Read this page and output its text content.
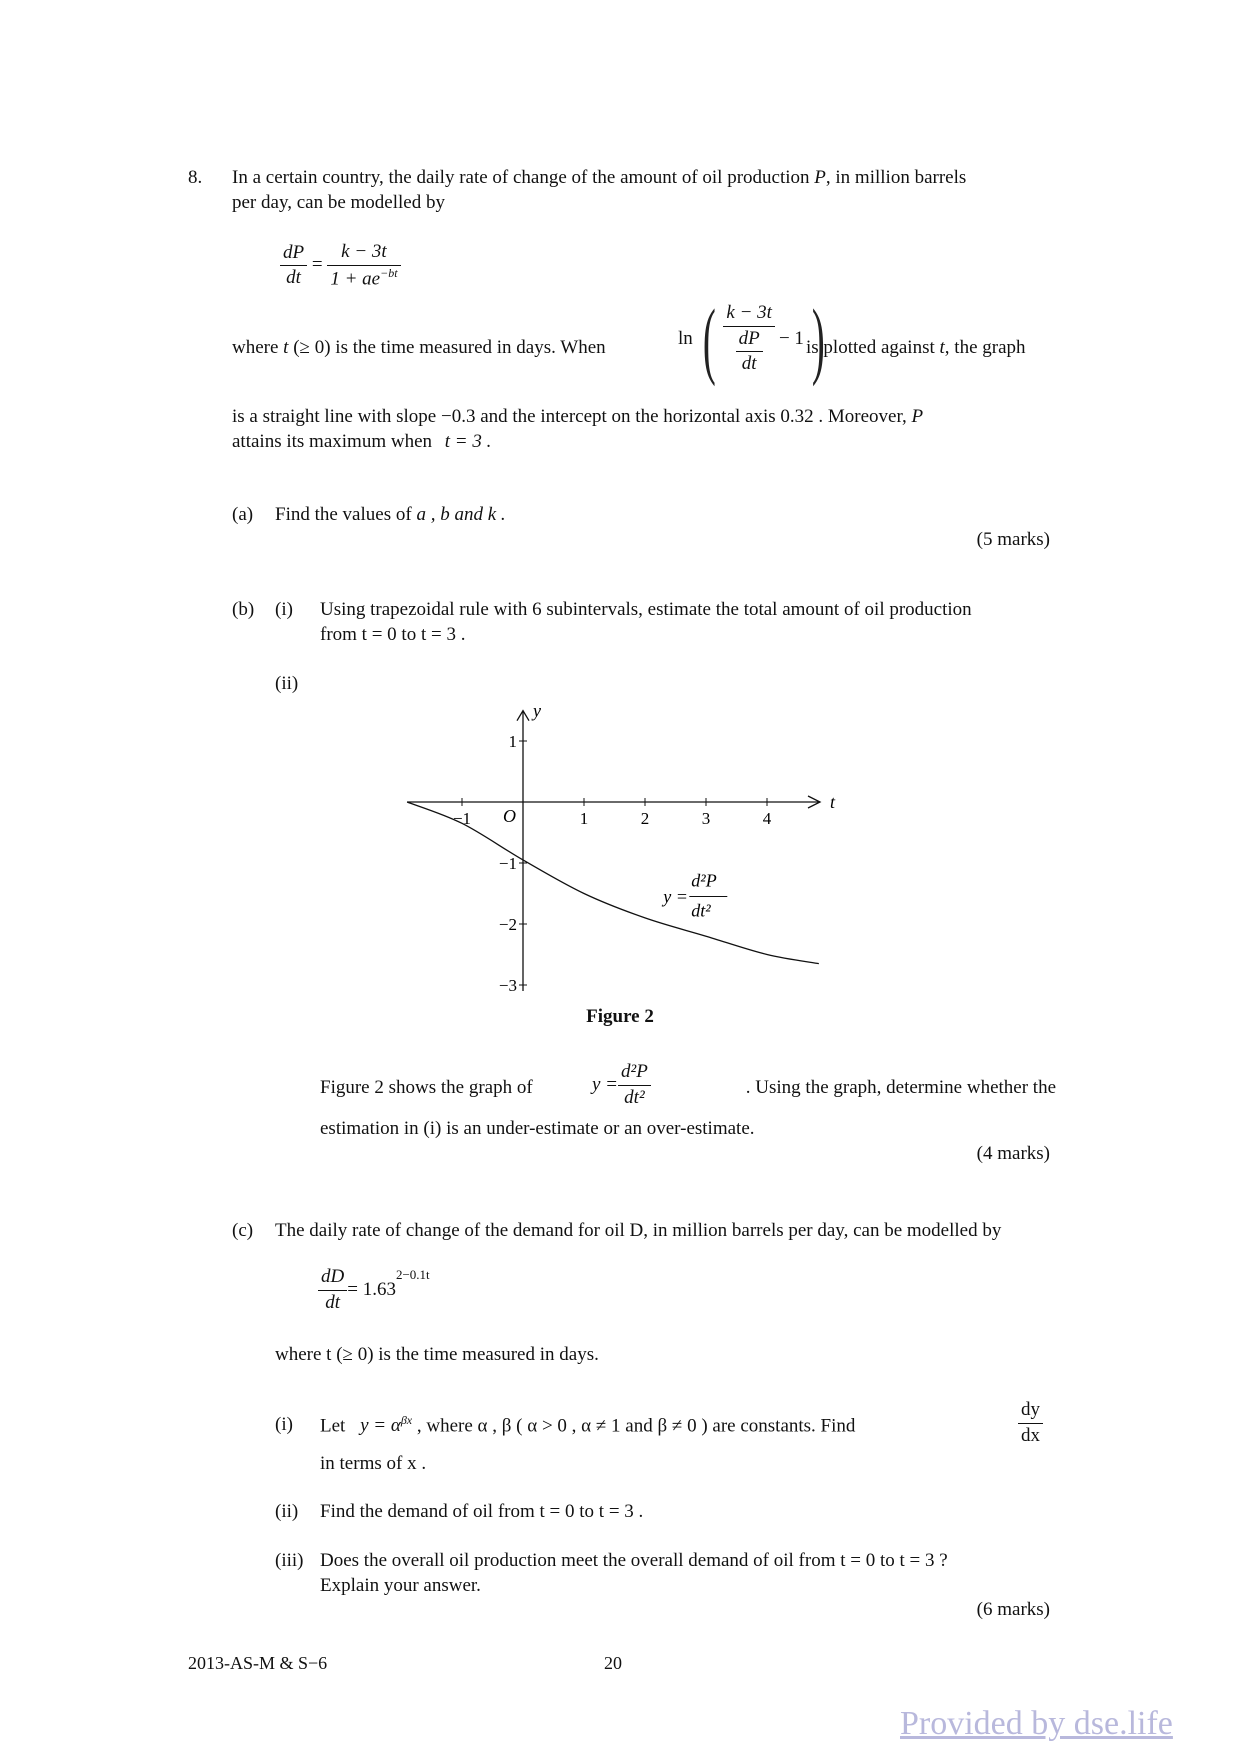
8. In a certain country, the daily rate of change of the amount of oil production P, in million barrels
per day, can be modelled by
$\frac{dP}{dt} = \frac{k - 3t}{1 + ae^{-bt}}$
where t (≥ 0) is the time measured in days. When	ln ( $\frac{k - 3t}{\frac{dP}{dt}} - 1$ )
is plotted against t, the graph
is a straight line with slope −0.3 and the intercept on the horizontal axis 0.32 . Moreover, P
attains its maximum when t = 3 .
(a) Find the values of a , b and k .
(5 marks)
(b) (i) Using trapezoidal rule with 6 subintervals, estimate the total amount of oil production
from t = 0 to t = 3 .
(ii)
t
y
O
−1	1	2	3	4
1
−1
−2
−3
y =
d²P
dt²
Figure 2
Figure 2 shows the graph of	$y = \frac{\text{d²P}}{\text{dt²}}$	. Using the graph, determine whether the
estimation in (i) is an under-estimate or an over-estimate.
(4 marks)
(c) The daily rate of change of the demand for oil D, in million barrels per day, can be modelled by
$\frac{dD}{dt} = 1.63$
$^{2-0.1t}$
where t (≥ 0) is the time measured in days.
(i) Let $y = \alpha^{\beta x}$ , where α , β ( α > 0 , α ≠ 1 and β ≠ 0 ) are constants. Find	$\frac{dy}{dx}$
in terms of x .
(ii) Find the demand of oil from t = 0 to t = 3 .
(iii) Does the overall oil production meet the overall demand of oil from t = 0 to t = 3 ?
Explain your answer.
(6 marks)
2013-AS-M & S−6	20
Provided by dse.life
